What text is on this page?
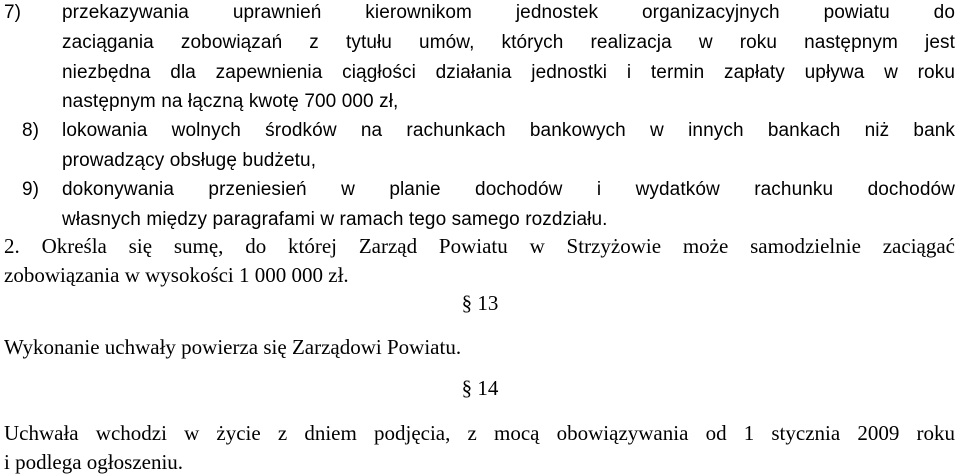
7) przekazywania uprawnień kierownikom jednostek organizacyjnych powiatu do
zaciągania zobowiązań z tytułu umów, których realizacja w roku następnym jest
niezbędna dla zapewnienia ciągłości działania jednostki i termin zapłaty upływa w roku
następnym na łączną kwotę 700 000 zł,
8) lokowania wolnych środków na rachunkach bankowych w innych bankach niż bank
prowadzący obsługę budżetu,
9) dokonywania przeniesień w planie dochodów i wydatków rachunku dochodów
własnych między paragrafami w ramach tego samego rozdziału.
2. Określa się sumę, do której Zarząd Powiatu w Strzyżowie może samodzielnie zaciągać
zobowiązania w wysokości 1 000 000 zł.
§ 13
Wykonanie uchwały powierza się Zarządowi Powiatu.
§ 14
Uchwała wchodzi w życie z dniem podjęcia, z mocą obowiązywania od 1 stycznia 2009 roku
i podlega ogłoszeniu.
